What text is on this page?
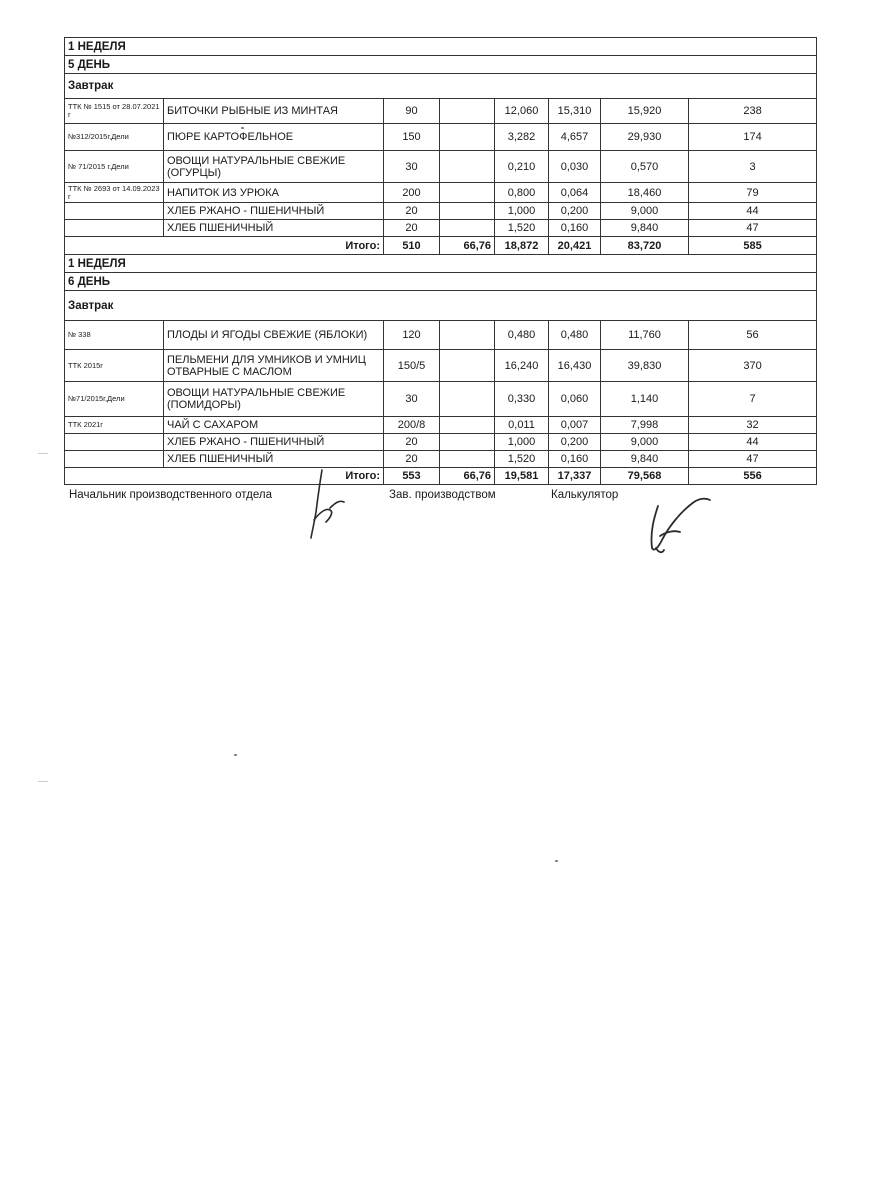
1 НЕДЕЛЯ							
5 ДЕНЬ							
Завтрак							
ТТК № 1515 от 28.07.2021 г	БИТОЧКИ РЫБНЫЕ ИЗ МИНТАЯ	90		12,060	15,310	15,920	238
№312/2015г,Дели	ПЮРЕ КАРТОФЕЛЬНОЕ	150		3,282	4,657	29,930	174
№ 71/2015 г.Дели	ОВОЩИ НАТУРАЛЬНЫЕ СВЕЖИЕ (ОГУРЦЫ)	30		0,210	0,030	0,570	3
ТТК № 2693 от 14.09.2023 г	НАПИТОК ИЗ УРЮКА	200		0,800	0,064	18,460	79
	ХЛЕБ РЖАНО - ПШЕНИЧНЫЙ	20		1,000	0,200	9,000	44
	ХЛЕБ ПШЕНИЧНЫЙ	20		1,520	0,160	9,840	47
Итого:		510	66,76	18,872	20,421	83,720	585
1 НЕДЕЛЯ							
6 ДЕНЬ							
Завтрак							
№ 338	ПЛОДЫ И ЯГОДЫ СВЕЖИЕ (ЯБЛОКИ)	120		0,480	0,480	11,760	56
ТТК 2015г	ПЕЛЬМЕНИ ДЛЯ УМНИКОВ И УМНИЦ ОТВАРНЫЕ С МАСЛОМ	150/5		16,240	16,430	39,830	370
№71/2015г,Дели	ОВОЩИ НАТУРАЛЬНЫЕ СВЕЖИЕ (ПОМИДОРЫ)	30		0,330	0,060	1,140	7
ТТК 2021г	ЧАЙ С САХАРОМ	200/8		0,011	0,007	7,998	32
	ХЛЕБ РЖАНО - ПШЕНИЧНЫЙ	20		1,000	0,200	9,000	44
	ХЛЕБ ПШЕНИЧНЫЙ	20		1,520	0,160	9,840	47
Итого:		553	66,76	19,581	17,337	79,568	556
Начальник производственного отдела	Зав. производством	Калькулятор
